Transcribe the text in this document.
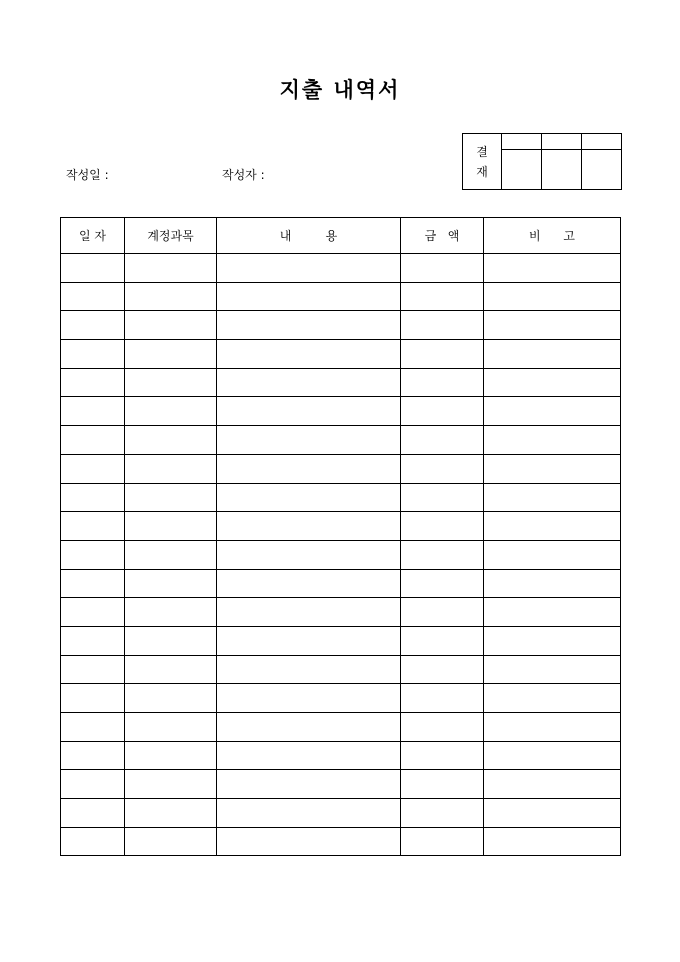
지출 내역서
작성일 :	작성자 :
결
재			

일 자	계정과목	내         용	금   액	비      고
